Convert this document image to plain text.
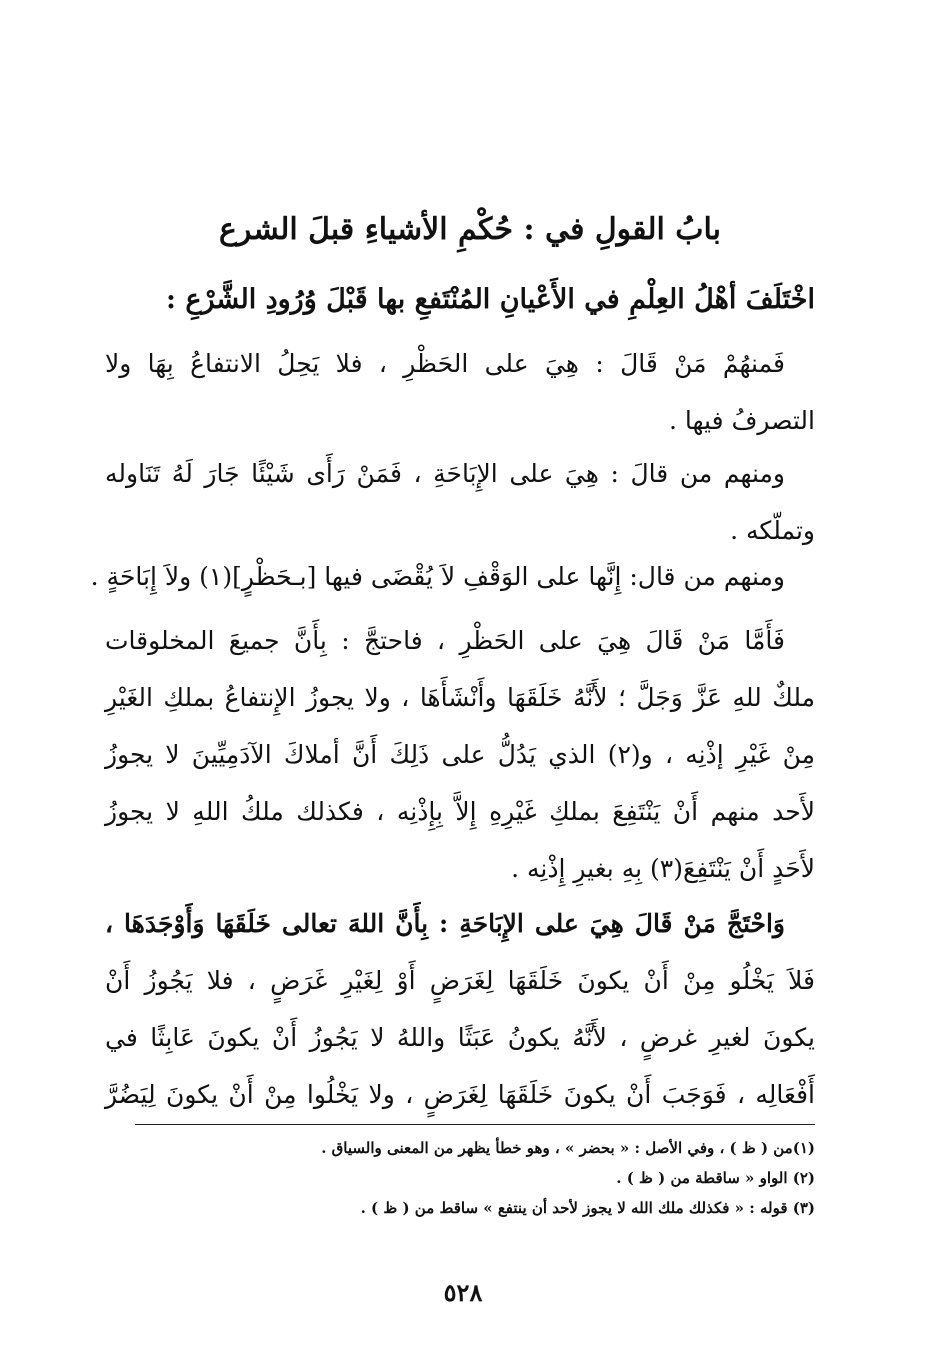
بابُ القولِ في : حُكْمِ الأشياءِ قبلَ الشرع
اخْتَلَفَ أهْلُ العِلْمِ في الأَعْيانِ المُنْتَفعِ بها قَبْلَ وُرُودِ الشَّرْعِ :
فَمنهُمْ مَنْ قَالَ : هِيَ على الحَظْرِ ، فلا يَحِلُ الانتفاعُ بِهَا ولا
التصرفُ فيها .
ومنهم من قالَ : هِيَ على الإِبَاحَةِ ، فَمَنْ رَأَى شَيْئًا جَارَ لَهُ تَنَاوله
وتملّكه .
ومنهم من قال: إِنَّها على الوَقْفِ لاَ يُقْضَى فيها [بـحَظْرٍ](١) ولاَ إِبَاحَةٍ .
فَأَمَّا مَنْ قَالَ هِيَ على الحَظْرِ ، فاحتجَّ : بِأَنَّ جميعَ المخلوقات
ملكٌ للهِ عَزَّ وَجَلَّ ؛ لأَنَّهُ خَلَقَهَا وأَنْشَأَهَا ، ولا يجوزُ الإِنتفاعُ بملكِ الغَيْرِ
مِنْ غَيْرِ إذْنِه ، و(٢) الذي يَدُلُّ على ذَلِكَ أَنَّ أملاكَ الآدَمِيِّينَ لا يجوزُ
لأَحد منهم أَنْ يَنْتَفِعَ بملكِ غَيْرِهِ إِلاَّ بِإِذْنِه ، فكذلك ملكُ اللهِ لا يجوزُ
لأَحَدٍ أَنْ يَنْتَفِعَ(٣) بِهِ بغيرِ إِذْنِه .
وَاحْتَجَّ مَنْ قَالَ هِيَ على الإِبَاحَةِ : بِأَنَّ اللهَ تعالى خَلَقَهَا وَأَوْجَدَهَا ،
فَلاَ يَخْلُو مِنْ أَنْ يكونَ خَلَقَهَا لِغَرَضٍ أَوْ لِغَيْرِ غَرَضٍ ، فلا يَجُوزُ أَنْ
يكونَ لغيرِ غرضٍ ، لأَنَّهُ يكونُ عَبَثًا واللهُ لا يَجُوزُ أَنْ يكونَ عَابِثًا في
أَفْعَالِه ، فَوَجَبَ أَنْ يكونَ خَلَقَهَا لِغَرَضٍ ، ولا يَخْلُوا مِنْ أَنْ يكونَ لِيَضُرَّ
(١)من ( ظ ) ، وفي الأصل : « بحضر » ، وهو خطأ يظهر من المعنى والسياق .
(٢) الواو « ساقطة من ( ظ ) .
(٣) قوله : « فكذلك ملك الله لا يجوز لأحد أن ينتفع » ساقط من ( ظ ) .
٥٢٨
